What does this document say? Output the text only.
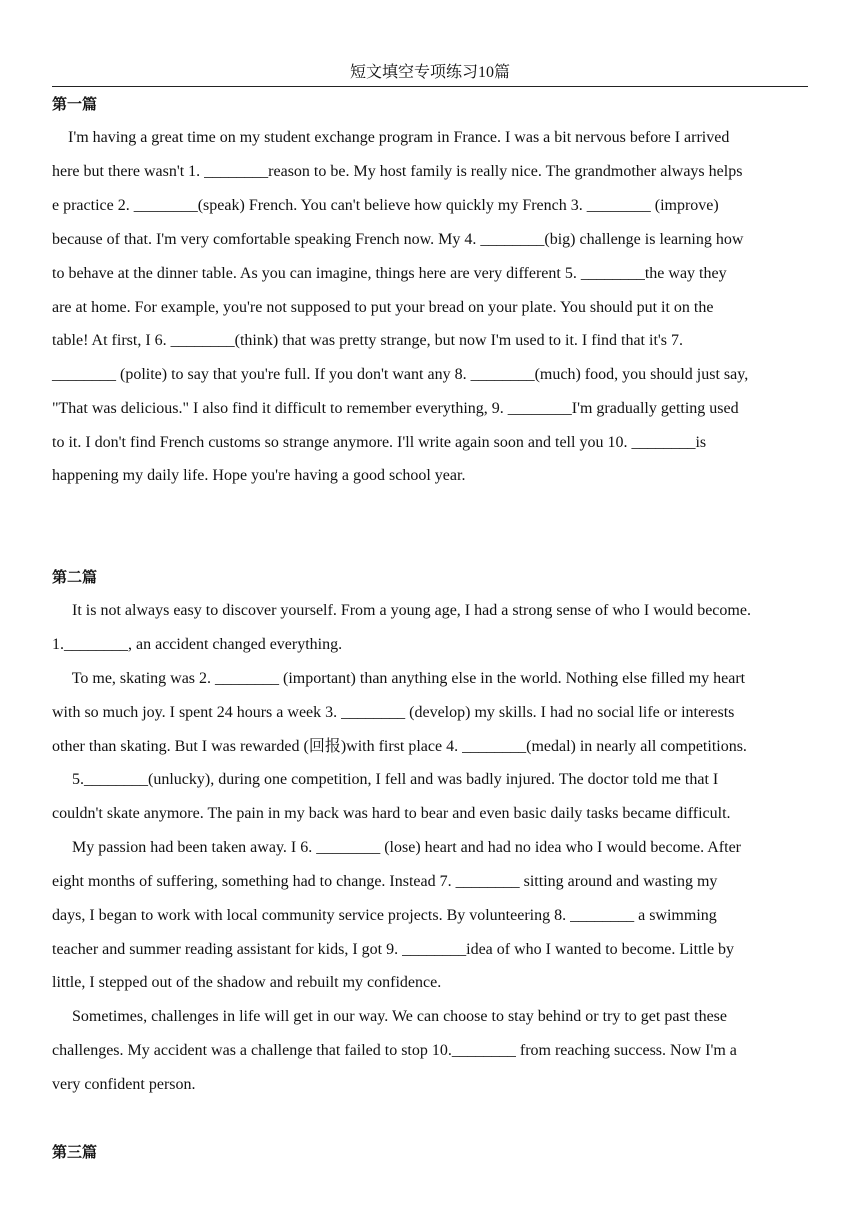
短文填空专项练习10篇
第一篇
I'm having a great time on my student exchange program in France. I was a bit nervous before I arrived
here but there wasn't 1. ________reason to be. My host family is really nice. The grandmother always helps
e practice 2. ________(speak) French. You can't believe how quickly my French 3. ________ (improve)
because of that. I'm very comfortable speaking French now. My 4. ________(big) challenge is learning how
to behave at the dinner table. As you can imagine, things here are very different 5. ________the way they
are at home. For example, you're not supposed to put your bread on your plate. You should put it on the
table! At first, I 6. ________(think) that was pretty strange, but now I'm used to it. I find that it's 7.
________ (polite) to say that you're full. If you don't want any 8. ________(much) food, you should just say,
"That was delicious." I also find it difficult to remember everything, 9. ________I'm gradually getting used
to it. I don't find French customs so strange anymore. I'll write again soon and tell you 10. ________is
happening my daily life. Hope you're having a good school year.
第二篇
It is not always easy to discover yourself. From a young age, I had a strong sense of who I would become.
1.________, an accident changed everything.
To me, skating was 2. ________ (important) than anything else in the world. Nothing else filled my heart
with so much joy. I spent 24 hours a week 3. ________ (develop) my skills. I had no social life or interests
other than skating. But I was rewarded (回报)with first place 4. ________(medal) in nearly all competitions.
5.________(unlucky), during one competition, I fell and was badly injured. The doctor told me that I
couldn't skate anymore. The pain in my back was hard to bear and even basic daily tasks became difficult.
My passion had been taken away. I 6. ________ (lose) heart and had no idea who I would become. After
eight months of suffering, something had to change. Instead 7. ________ sitting around and wasting my
days, I began to work with local community service projects. By volunteering 8. ________ a swimming
teacher and summer reading assistant for kids, I got 9. ________idea of who I wanted to become. Little by
little, I stepped out of the shadow and rebuilt my confidence.
Sometimes, challenges in life will get in our way. We can choose to stay behind or try to get past these
challenges. My accident was a challenge that failed to stop 10.________ from reaching success. Now I'm a
very confident person.
第三篇
